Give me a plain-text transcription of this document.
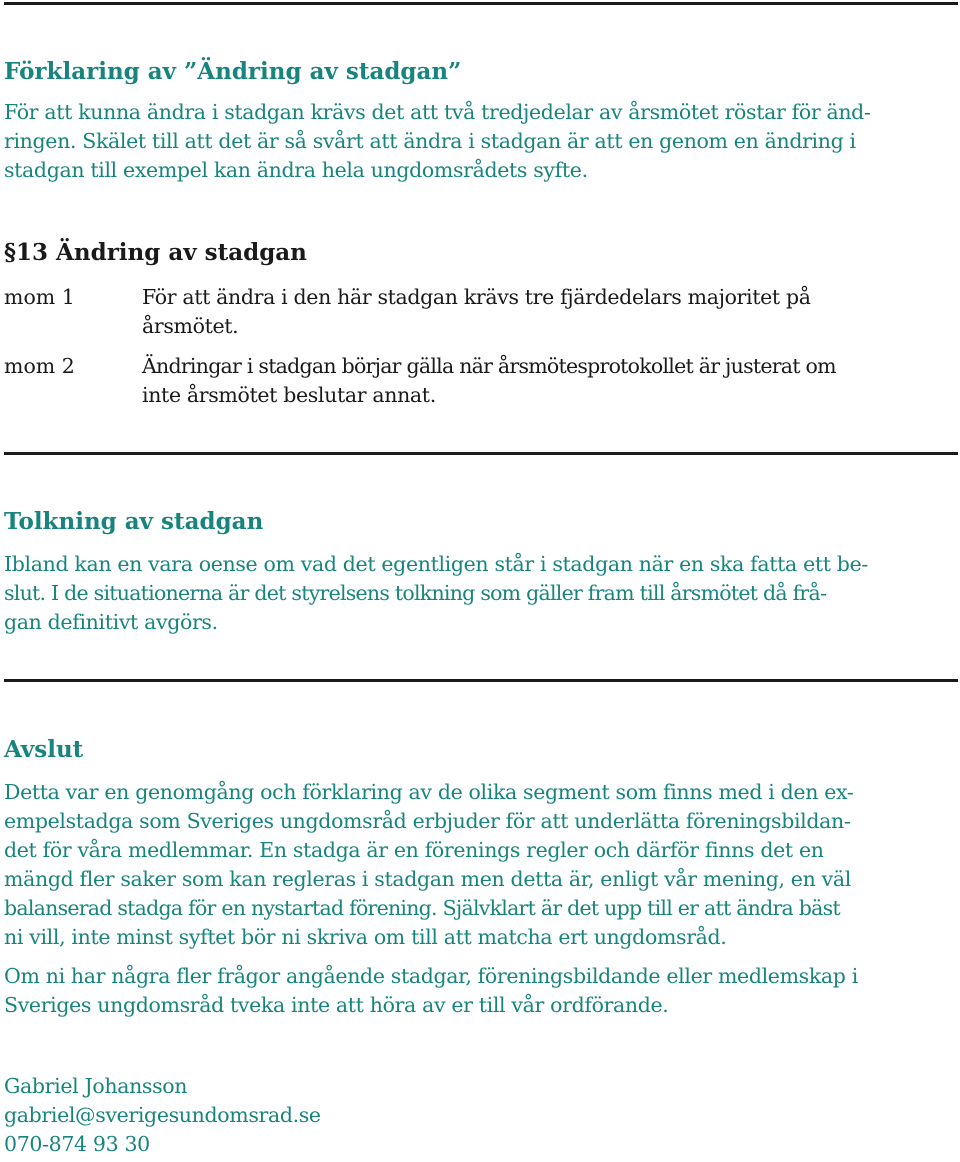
Förklaring av ”Ändring av stadgan”

För att kunna ändra i stadgan krävs det att två tredjedelar av årsmötet röstar för änd-
ringen. Skälet till att det är så svårt att ändra i stadgan är att en genom en ändring i
stadgan till exempel kan ändra hela ungdomsrådets syfte.

§13 Ändring av stadgan
mom 1	För att ändra i den här stadgan krävs tre fjärdedelars majoritet på
årsmötet.
mom 2	Ändringar i stadgan börjar gälla när årsmötesprotokollet är justerat om
inte årsmötet beslutar annat.
Tolkning av stadgan

Ibland kan en vara oense om vad det egentligen står i stadgan när en ska fatta ett be-
slut. I de situationerna är det styrelsens tolkning som gäller fram till årsmötet då frå-
gan definitivt avgörs.

Avslut

Detta var en genomgång och förklaring av de olika segment som finns med i den ex-
empelstadga som Sveriges ungdomsråd erbjuder för att underlätta föreningsbildan-
det för våra medlemmar. En stadga är en förenings regler och därför finns det en
mängd fler saker som kan regleras i stadgan men detta är, enligt vår mening, en väl
balanserad stadga för en nystartad förening. Självklart är det upp till er att ändra bäst
ni vill, inte minst syftet bör ni skriva om till att matcha ert ungdomsråd.

Om ni har några fler frågor angående stadgar, föreningsbildande eller medlemskap i
Sveriges ungdomsråd tveka inte att höra av er till vår ordförande.

Gabriel Johansson
gabriel@sverigesundomsrad.se
070-874 93 30
